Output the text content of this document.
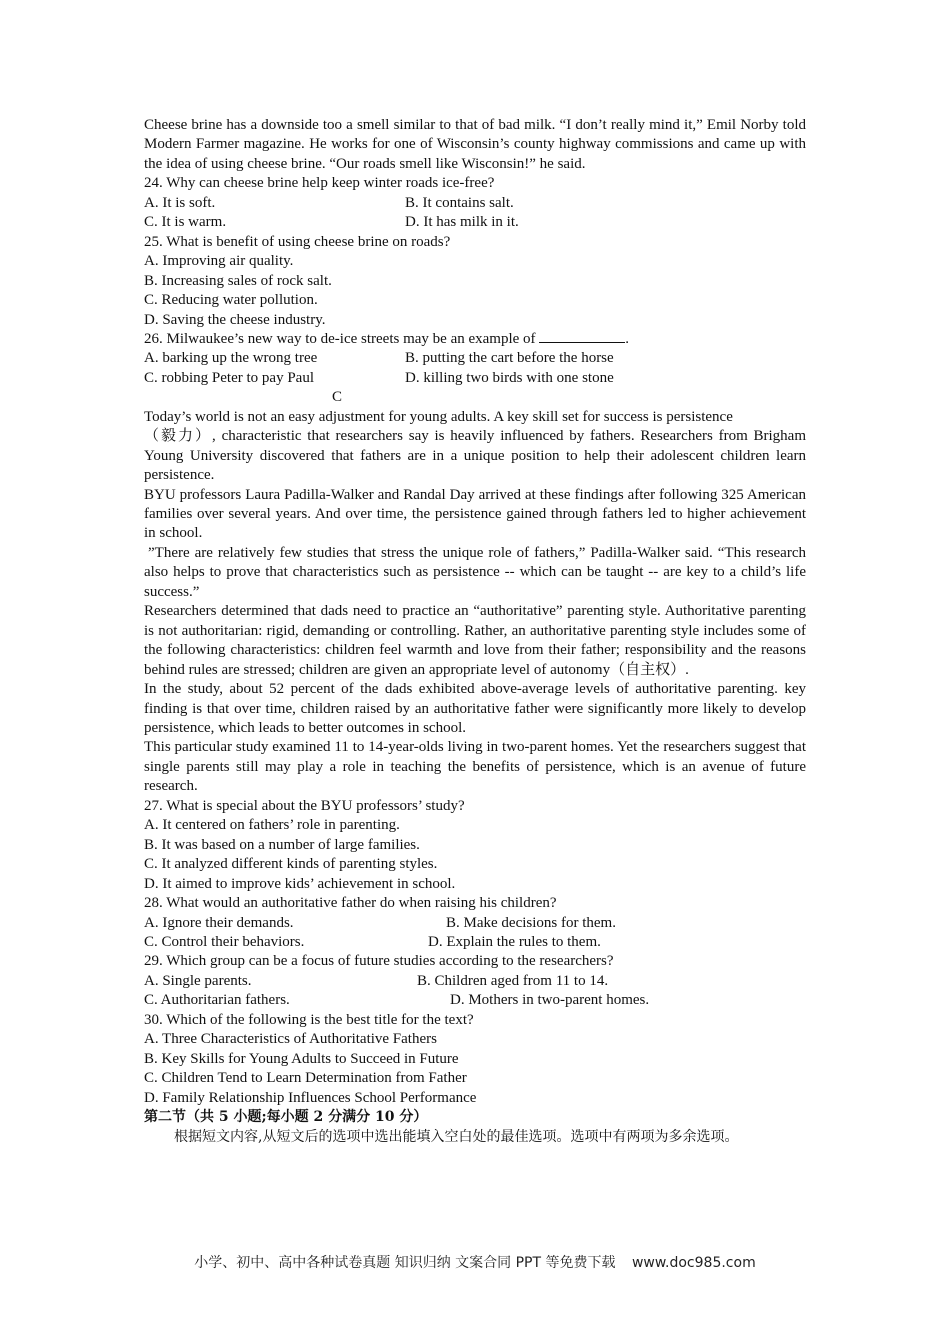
Cheese brine has a downside too a smell similar to that of bad milk. “I don’t really mind it,” Emil Norby told Modern Farmer magazine. He works for one of Wisconsin’s county highway commissions and came up with the idea of using cheese brine. “Our roads smell like Wisconsin!” he said.

24. Why can cheese brine help keep winter roads ice-free?

A. It is soft.	B. It contains salt.
C. It is warm.	D. It has milk in it.

25. What is benefit of using cheese brine on roads?

A. Improving air quality.

B. Increasing sales of rock salt.

C. Reducing water pollution.

D. Saving the cheese industry.

26. Milwaukee’s new way to de-ice streets may be an example of	.

A. barking up the wrong tree	B. putting the cart before the horse
C. robbing Peter to pay Paul	D. killing two birds with one stone

C

Today’s world is not an easy adjustment for young adults. A key skill set for success is persistence
（毅力）, characteristic that researchers say is heavily influenced by fathers. Researchers from Brigham Young University discovered that fathers are in a unique position to help their adolescent children learn persistence.

BYU professors Laura Padilla-Walker and Randal Day arrived at these findings after following 325 American families over several years. And over time, the persistence gained through fathers led to higher achievement in school.

”There are relatively few studies that stress the unique role of fathers,” Padilla-Walker said. “This research also helps to prove that characteristics such as persistence -- which can be taught -- are key to a child’s life success.”

Researchers determined that dads need to practice an “authoritative” parenting style. Authoritative parenting is not authoritarian: rigid, demanding or controlling. Rather, an authoritative parenting style includes some of the following characteristics: children feel warmth and love from their father; responsibility and the reasons behind rules are stressed; children are given an appropriate level of autonomy（自主权）.

In the study, about 52 percent of the dads exhibited above-average levels of authoritative parenting. key finding is that over time, children raised by an authoritative father were significantly more likely to develop persistence, which leads to better outcomes in school.

This particular study examined 11 to 14-year-olds living in two-parent homes. Yet the researchers suggest that single parents still may play a role in teaching the benefits of persistence, which is an avenue of future research.

27. What is special about the BYU professors’ study?

A. It centered on fathers’ role in parenting.

B. It was based on a number of large families.

C. It analyzed different kinds of parenting styles.

D. It aimed to improve kids’ achievement in school.

28. What would an authoritative father do when raising his children?

A. Ignore their demands.	B. Make decisions for them.
C. Control their behaviors.	D. Explain the rules to them.

29. Which group can be a focus of future studies according to the researchers?

A. Single parents.	B. Children aged from 11 to 14.
C. Authoritarian fathers.	D. Mothers in two-parent homes.

30. Which of the following is the best title for the text?

A. Three Characteristics of Authoritative Fathers

B. Key Skills for Young Adults to Succeed in Future

C. Children Tend to Learn Determination from Father

D. Family Relationship Influences School Performance

第二节（共 5 小题;每小题 2 分满分 10 分）

根据短文内容,从短文后的选项中选出能填入空白处的最佳选项。选项中有两项为多余选项。

小学、初中、高中各种试卷真题 知识归纳 文案合同 PPT 等免费下载 www.doc985.com
